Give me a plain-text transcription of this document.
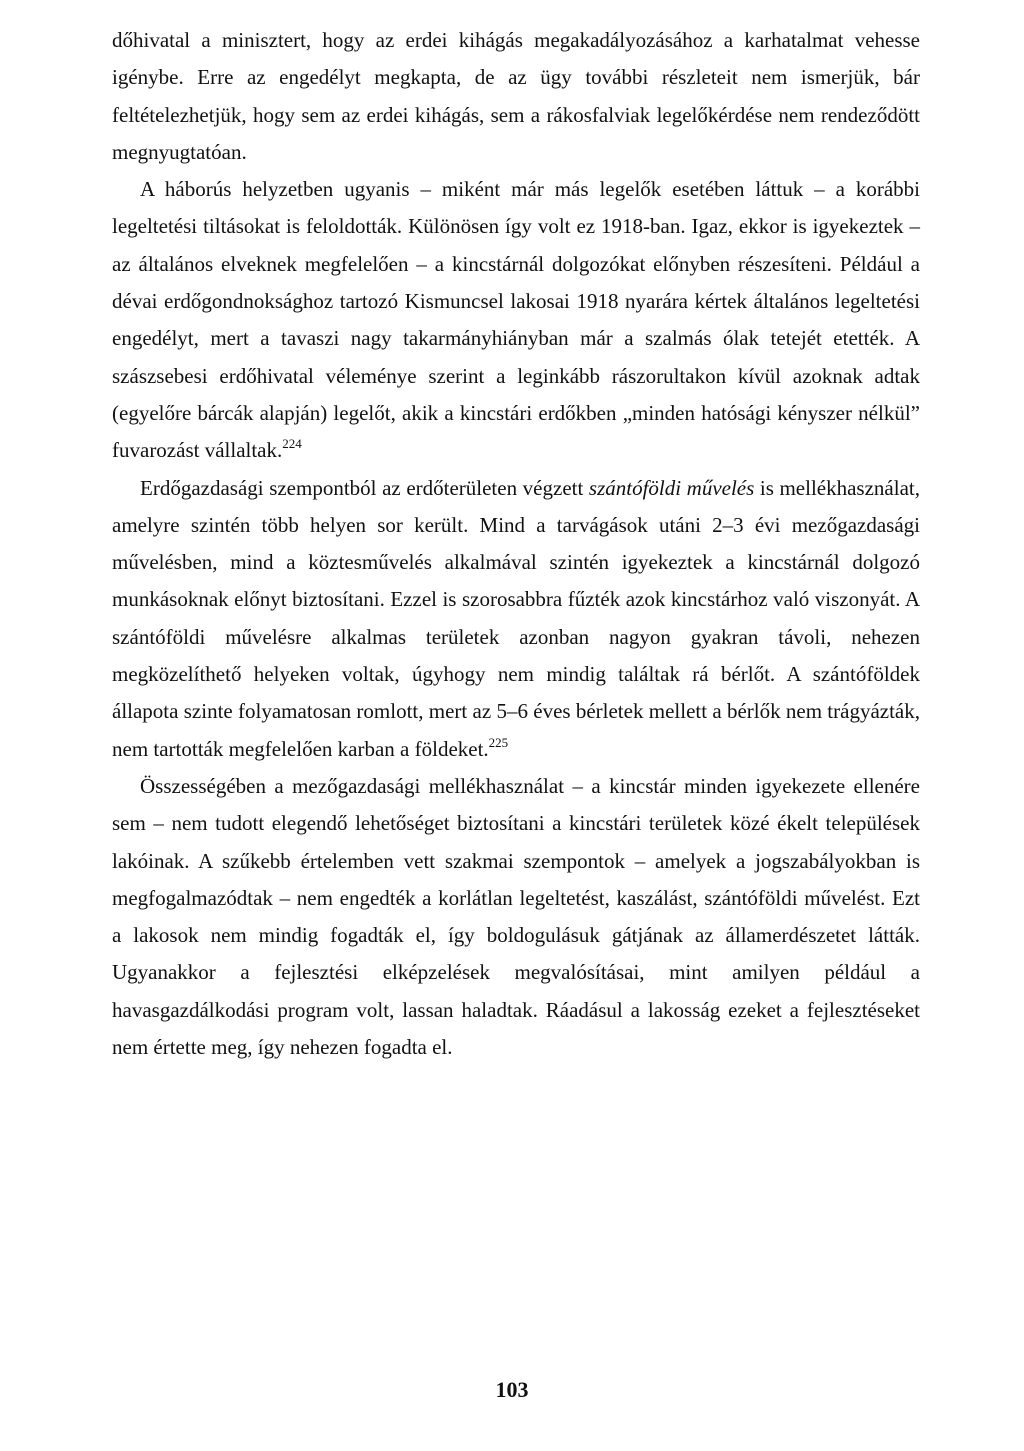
dőhivatal a minisztert, hogy az erdei kihágás megakadályozásához a karhatalmat vehesse igénybe. Erre az engedélyt megkapta, de az ügy további részleteit nem ismerjük, bár feltételezhetjük, hogy sem az erdei kihágás, sem a rákosfalviak legelőkérdése nem rendeződött megnyugtatóan.

A háborús helyzetben ugyanis – miként már más legelők esetében láttuk – a korábbi legeltetési tiltásokat is feloldották. Különösen így volt ez 1918-ban. Igaz, ekkor is igyekeztek – az általános elveknek megfelelően – a kincstárnál dolgozókat előnyben részesíteni. Például a dévai erdőgondnoksághoz tartozó Kismuncsel lakosai 1918 nyarára kértek általános legeltetési engedélyt, mert a tavaszi nagy takarmányhiányban már a szalmás ólak tetejét etették. A szászsebesi erdőhivatal véleménye szerint a leginkább rászorultakon kívül azoknak adtak (egyelőre bárcák alapján) legelőt, akik a kincstári erdőkben „minden hatósági kényszer nélkül” fuvarozást vállaltak.$^{224}$

Erdőgazdasági szempontból az erdőterületen végzett szántóföldi művelés is mellékhasználat, amelyre szintén több helyen sor került. Mind a tarvágások utáni 2–3 évi mezőgazdasági művelésben, mind a köztesművelés alkalmával szintén igyekeztek a kincstárnál dolgozó munkásoknak előnyt biztosítani. Ezzel is szorosabbra fűzték azok kincstárhoz való viszonyát. A szántóföldi művelésre alkalmas területek azonban nagyon gyakran távoli, nehezen megközelíthető helyeken voltak, úgyhogy nem mindig találtak rá bérlőt. A szántóföldek állapota szinte folyamatosan romlott, mert az 5–6 éves bérletek mellett a bérlők nem trágyázták, nem tartották megfelelően karban a földeket.$^{225}$

Összességében a mezőgazdasági mellékhasználat – a kincstár minden igyekezete ellenére sem – nem tudott elegendő lehetőséget biztosítani a kincstári területek közé ékelt települések lakóinak. A szűkebb értelemben vett szakmai szempontok – amelyek a jogszabályokban is megfogalmazódtak – nem engedték a korlátlan legeltetést, kaszálást, szántóföldi művelést. Ezt a lakosok nem mindig fogadták el, így boldogulásuk gátjának az államerdészetet látták. Ugyanakkor a fejlesztési elképzelések megvalósításai, mint amilyen például a havasgazdálkodási program volt, lassan haladtak. Ráadásul a lakosság ezeket a fejlesztéseket nem értette meg, így nehezen fogadta el.

103
